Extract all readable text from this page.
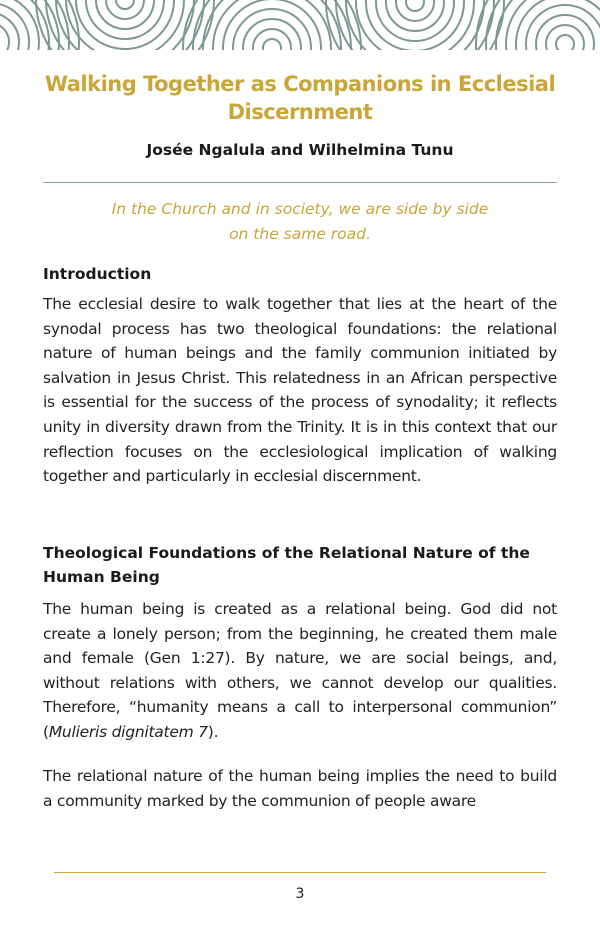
Walking Together as Companions in Ecclesial Discernment

Josée Ngalula and Wilhelmina Tunu

In the Church and in society, we are side by side
on the same road.

Introduction

The ecclesial desire to walk together that lies at the heart of the synodal process has two theological foundations: the relational nature of human beings and the family communion initiated by salvation in Jesus Christ. This relatedness in an African perspective is essential for the success of the process of synodality; it reflects unity in diversity drawn from the Trinity. It is in this context that our reflection focuses on the ecclesiological implication of walking together and particularly in ecclesial discernment.

Theological Foundations of the Relational Nature of the Human Being

The human being is created as a relational being. God did not create a lonely person; from the beginning, he created them male and female (Gen 1:27). By nature, we are social beings, and, without relations with others, we cannot develop our qualities. Therefore, “humanity means a call to interpersonal communion” (Mulieris dignitatem 7).

The relational nature of the human being implies the need to build a community marked by the communion of people aware

3
